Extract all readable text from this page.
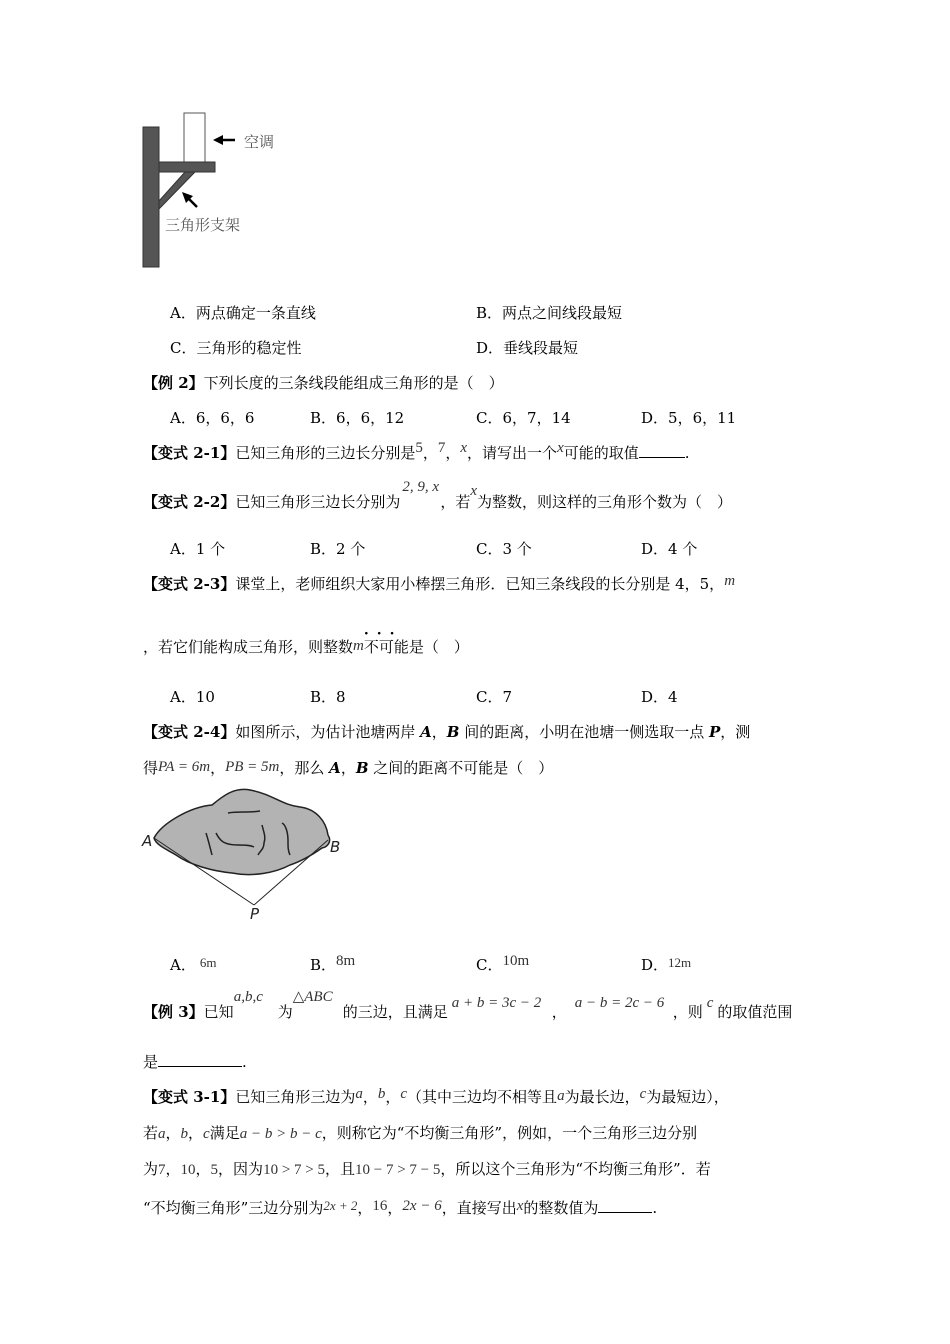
空调
三角形支架
A．两点确定一条直线	B．两点之间线段最短
C．三角形的稳定性	D．垂线段最短
【例 2】下列长度的三条线段能组成三角形的是（　）
A．6，6，6	B．6，6，12	C．6，7，14	D．5，6，11
【变式 2-1】已知三角形的三边长分别是5，7，x，请写出一个x可能的取值	.
【变式 2-2】已知三角形三边长分别为2, 9, x，若x为整数，则这样的三角形个数为（　）
A．1 个	B．2 个	C．3 个	D．4 个
【变式 2-3】课堂上，老师组织大家用小棒摆三角形．已知三条线段的长分别是 4，5，m
，若它们能构成三角形，则整数m不可能
···
是（　）
A．10	B．8	C．7	D．4
【变式 2-4】如图所示，为估计池塘两岸 A，B 间的距离，小明在池塘一侧选取一点 P，测
得PA = 6m，PB = 5m，那么 A，B 之间的距离不可能是（　）
A	B
P
A． 6m	B．8m	C．10m	D．12m
【例 3】已知a,b,c为△ABC的三边，且满足 a + b = 3c − 2 ， a − b = 2c − 6 ，则 c 的取值范围
是	.
【变式 3-1】已知三角形三边为a，b，c（其中三边均不相等且a为最长边，c为最短边），
若a，b，c满足a − b > b − c，则称它为“不均衡三角形”，例如，一个三角形三边分别
为7，10，5，因为10 > 7 > 5，且10 − 7 > 7 − 5，所以这个三角形为“不均衡三角形”．若
“不均衡三角形”三边分别为2x + 2，16，2x − 6，直接写出x的整数值为	.
